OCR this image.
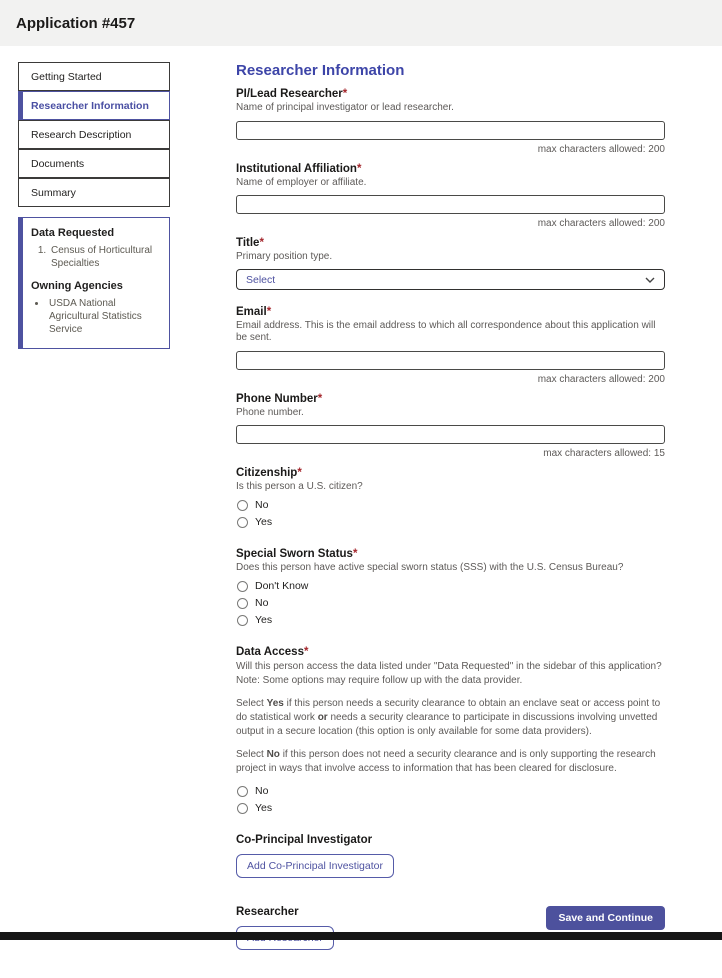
Application #457
Getting Started
Researcher Information
Research Description
Documents
Summary
Data Requested
1. Census of Horticultural Specialties
Owning Agencies
• USDA National Agricultural Statistics Service
Researcher Information
PI/Lead Researcher*
Name of principal investigator or lead researcher.
max characters allowed: 200
Institutional Affiliation*
Name of employer or affiliate.
max characters allowed: 200
Title*
Primary position type.
Select
Email*
Email address. This is the email address to which all correspondence about this application will be sent.
max characters allowed: 200
Phone Number*
Phone number.
max characters allowed: 15
Citizenship*
Is this person a U.S. citizen?
No
Yes
Special Sworn Status*
Does this person have active special sworn status (SSS) with the U.S. Census Bureau?
Don't Know
No
Yes
Data Access*
Will this person access the data listed under "Data Requested" in the sidebar of this application? Note: Some options may require follow up with the data provider.
Select Yes if this person needs a security clearance to obtain an enclave seat or access point to do statistical work or needs a security clearance to participate in discussions involving unvetted output in a secure location (this option is only available for some data providers).
Select No if this person does not need a security clearance and is only supporting the research project in ways that involve access to information that has been cleared for disclosure.
No
Yes
Co-Principal Investigator
Add Co-Principal Investigator
Researcher	Save and Continue
